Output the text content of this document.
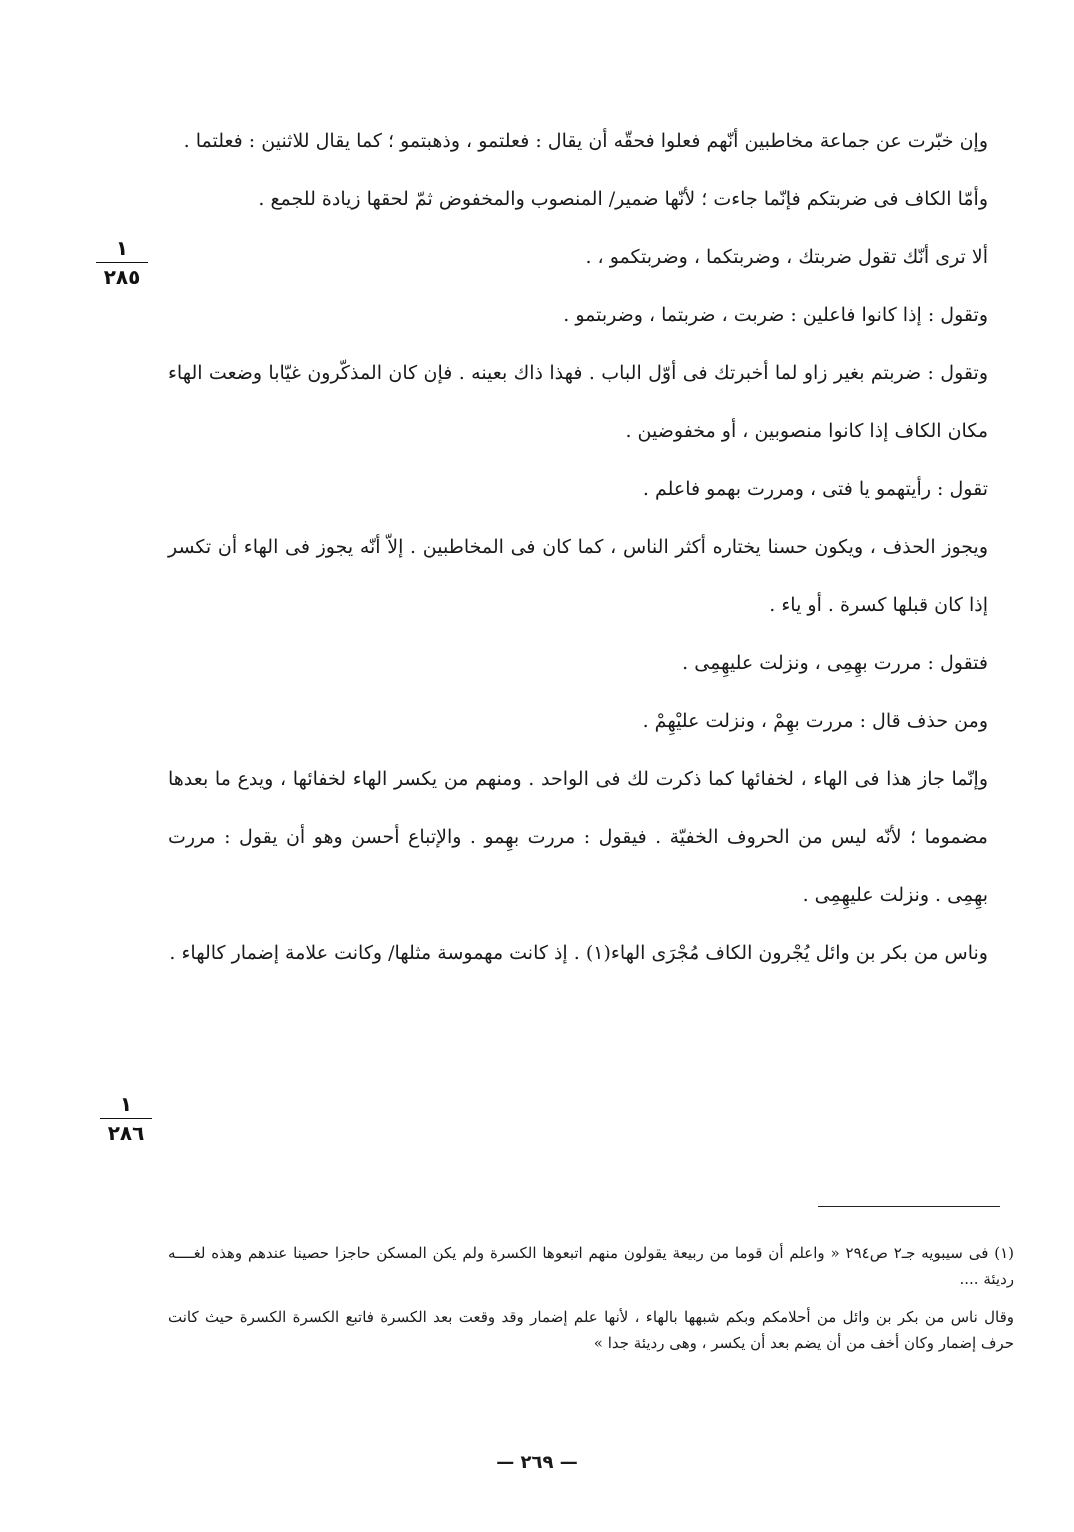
وإن خبّرت عن جماعة مخاطبين أنّهم فعلوا فحقّه أن يقال : فعلتمو ، وذهبتمو ؛ كما يقال للاثنين : فعلتما .

وأمّا الكاف فى ضربتكم فإنّما جاءت ؛ لأنّها ضمير/ المنصوب والمخفوض ثمّ لحقها زيادة للجمع .

ألا ترى أنّك تقول ضربتك ، وضربتكما ، وضربتكمو ، .

وتقول : إذا كانوا فاعلين : ضربت ، ضربتما ، وضربتمو .

وتقول : ضربتم بغير زاو لما أخبرتك فى أوّل الباب . فهذا ذاك بعينه . فإن كان المذكّرون غيّابا وضعت الهاء مكان الكاف إذا كانوا منصوبين ، أو مخفوضين .

تقول : رأيتهمو يا فتى ، ومررت بهمو فاعلم .

ويجوز الحذف ، ويكون حسنا يختاره أكثر الناس ، كما كان فى المخاطبين . إلاّ أنّه يجوز فى الهاء أن تكسر إذا كان قبلها كسرة . أو ياء .

فتقول : مررت بهِمِى ، ونزلت عليهِمِى .

ومن حذف قال : مررت بهِمْ ، ونزلت عليْهِمْ .

وإنّما جاز هذا فى الهاء ، لخفائها كما ذكرت لك فى الواحد . ومنهم من يكسر الهاء لخفائها ، ويدع ما بعدها مضموما ؛ لأنّه ليس من الحروف الخفيّة . فيقول : مررت بهِمو . والإتباع أحسن وهو أن يقول : مررت بهِمِى . ونزلت عليهِمِى .

وناس من بكر بن وائل يُجْرون الكاف مُجْرَى الهاء(١) . إذ كانت مهموسة مثلها/ وكانت علامة إضمار كالهاء .

١
٢٨٥
١
٢٨٦

(١) فى سيبويه جـ٢ ص٢٩٤ « واعلم أن قوما من ربيعة يقولون منهم اتبعوها الكسرة ولم يكن المسكن حاجزا حصينا عندهم وهذه لغــــه رديئة ....

وقال ناس من بكر بن وائل من أحلامكم وبكم شبهها بالهاء ، لأنها علم إضمار وقد وقعت بعد الكسرة فاتبع الكسرة الكسرة حيث كانت حرف إضمار وكان أخف من أن يضم بعد أن يكسر ، وهى رديئة جدا »

— ٢٦٩ —
